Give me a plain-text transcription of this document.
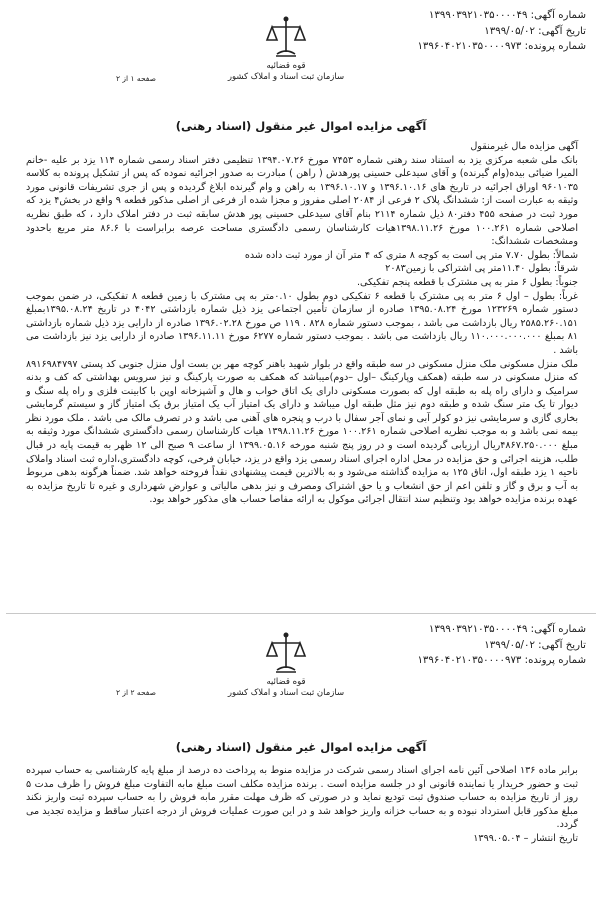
شماره آگهی: ۱۳۹۹۰۳۹۲۱۰۳۵۰۰۰۰۴۹
تاریخ آگهی: ۱۳۹۹/۰۵/۰۲
شماره پرونده: ۱۳۹۶۰۴۰۲۱۰۳۵۰۰۰۰۹۷۳
قوه قضائیه
سازمان ثبت اسناد و املاک کشور
صفحه ۱ از ۲
آگهی مزایده اموال غیر منقول (اسناد رهنی)

آگهی مزایده مال غیرمنقول

بانک ملی شعبه مرکزی یزد به استناد سند رهنی شماره ۷۴۵۳ مورخ ۱۳۹۴.۰۷.۲۶ تنظیمی دفتر اسناد رسمی شماره ۱۱۴ یزد بر علیه -خانم المیرا ضیائی بیده(وام گیرنده) و آقای سیدعلی حسینی پورهدش ( راهن ) مبادرت به صدور اجرائیه نموده که پس از تشکیل پرونده به کلاسه ۹۶۰۱۰۳۵ اوراق اجرائیه در تاریخ های ۱۳۹۶.۱۰.۱۶ و ۱۳۹۶.۱۰.۱۷ به راهن و وام گیرنده ابلاغ گردیده و پس از جری تشریفات قانونی مورد وثیقه به عبارت است از: ششدانگ پلاک ۲ فرعی از ۲۰۸۴ اصلی مفروز و مجزا شده از فرعی از اصلی مذکور قطعه ۹ واقع در بخش۴ یزد که مورد ثبت در صفحه ۴۵۵ دفتر۸۰ ذیل شماره ۲۱۱۴ بنام آقای سیدعلی حسینی پور هدش سابقه ثبت در دفتر املاک دارد ، که طبق نظریه اصلاحی شماره ۱۰۰.۲۶۱ مورخ ۱۳۹۸.۱۱.۲۶هیات کارشناسان رسمی دادگستری مساحت عرصه برابراست با ۸۶.۶ متر مربع باحدود ومشخصات ششدانگ:

شمالاً: بطول ۷.۷۰ متر پی است به کوچه ۸ متری که ۴ متر آن از مورد ثبت داده شده

شرقاً: بطول ۱۱.۴۰متر پی اشتراکی با زمین۲۰۸۳

جنوباً: بطول ۶ متر به پی مشترک با قطعه پنجم تفکیکی.

غرباً: بطول – اول ۶ متر به پی مشترک با قطعه ۶ تفکیکی دوم بطول ۰.۱۰متر به پی مشترک با زمین قطعه ۸ تفکیکی، در ضمن بموجب دستور شماره ۱۲۳۲۶۹ مورخ ۱۳۹۵.۰۸.۲۴ صادره از سازمان تأمین اجتماعی یزد ذیل شماره بازداشتی ۴۰۴۲ در تاریخ ۱۳۹۵.۰۸.۲۴بمبلغ ۲۵۸۵.۲۶۰.۱۵۱ ریال بازداشت می باشد ، بموجب دستور شماره ۸۲۸ . ۱۱۹ ص مورخ ۱۳۹۶.۰۲.۲۸ صادره از دارایی یزد ذیل شماره بازداشتی ۸۱ بمبلغ ۱۱۰.۰۰۰.۰۰۰.۰۰۰ ریال بازداشت می باشد . بموجب دستور شماره ۶۲۷۷ مورخ ۱۳۹۶.۱۱.۱۱ صادره از دارایی یزد نیز بازداشت می باشد .

ملک منزل مسکونی ملک منزل مسکونی در سه طبقه واقع در بلوار شهید باهنر کوچه مهر بن بست اول منزل جنوبی کد پستی ۸۹۱۶۹۸۴۷۹۷ که منزل مسکونی در سه طبقه (همکف وپارکینگ –اول –دوم)میباشد که همکف به صورت پارکینگ و نیز سرویس بهداشتی که کف و بدنه سرامیک و دارای راه پله به طبقه اول که بصورت مسکونی دارای یک اتاق خواب و هال و آشپزخانه اوپن با کابینت فلزی و راه پله سنگ و دیوار تا یک متر سنگ شده و طبقه دوم نیز مثل طبقه اول میباشد و دارای یک امتیاز آب یک امتیاز برق یک امتیاز گاز و سیستم گرمایشی بخاری گازی و سرمایشی نیز دو کولر آبی و نمای آجر سفال با درب و پنجره های آهنی می باشد و در تصرف مالک می باشد . ملک مورد نظر بیمه نمی باشد و به موجب نظریه اصلاحی شماره ۱۰۰.۲۶۱ مورخ ۱۳۹۸.۱۱.۲۶ هیات کارشناسان رسمی دادگستری ششدانگ مورد وثیقه به مبلغ ۴۸۶۷.۲۵۰.۰۰۰ریال ارزیابی گردیده است و در روز پنج شنبه مورخه ۱۳۹۹.۰۵.۱۶ از ساعت ۹ صبح الی ۱۲ ظهر به قیمت پایه در قبال طلب، هزینه اجرائی و حق مزایده در محل اداره اجرای اسناد رسمی یزد واقع در یزد، خیابان فرخی، کوچه دادگستری،اداره ثبت اسناد واملاک ناحیه ۱ یزد طبقه اول، اتاق ۱۲۵ به مزایده گذاشته می‌شود و به بالاترین قیمت پیشنهادی نقداً فروخته خواهد شد. ضمناً هرگونه بدهی مربوط به آب و برق و گاز و تلفن اعم از حق انشعاب و یا حق اشتراک ومصرف و نیز بدهی مالیاتی و عوارض شهرداری و غیره تا تاریخ مزایده به عهده برنده مزایده خواهد بود وتنظیم سند انتقال اجرائی موکول به ارائه مفاصا حساب های مذکور خواهد بود.

شماره آگهی: ۱۳۹۹۰۳۹۲۱۰۳۵۰۰۰۰۴۹
تاریخ آگهی: ۱۳۹۹/۰۵/۰۲
شماره پرونده: ۱۳۹۶۰۴۰۲۱۰۳۵۰۰۰۰۹۷۳
قوه قضائیه
سازمان ثبت اسناد و املاک کشور
صفحه ۲ از ۲
آگهی مزایده اموال غیر منقول (اسناد رهنی)

برابر ماده ۱۳۶ اصلاحی آئین نامه اجرای اسناد رسمی شرکت در مزایده منوط به پرداخت ده درصد از مبلغ پایه کارشناسی به حساب سپرده ثبت و حضور خریدار یا نماینده قانونی او در جلسه مزایده است . برنده مزایده مکلف است مبلغ مابه التفاوت مبلغ فروش را ظرف مدت ۵ روز از تاریخ مزایده به حساب صندوق ثبت تودیع نماید و در صورتی که ظرف مهلت مقرر مابه فروش را به حساب سپرده ثبت واریز نکند مبلغ مذکور قابل استرداد نبوده و به حساب خزانه واریز خواهد شد و در این صورت عملیات فروش از درجه اعتبار ساقط و مزایده تجدید می گردد.

تاریخ انتشار – ۱۳۹۹.۰۵.۰۴
